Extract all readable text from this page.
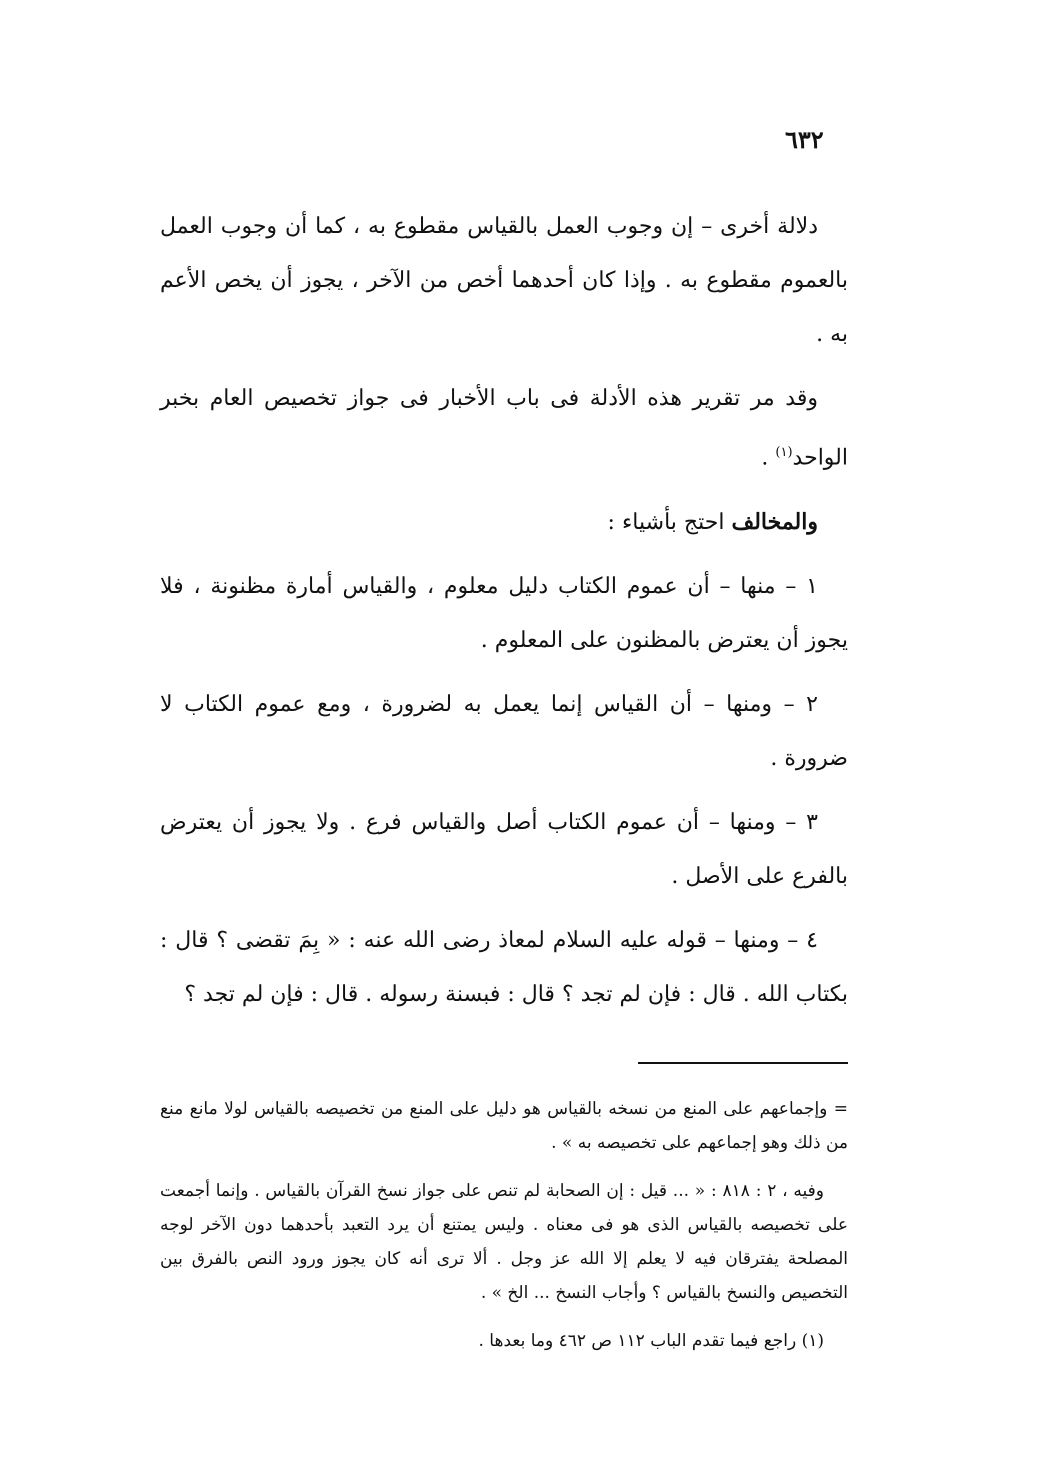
٦٣٢

دلالة أخرى – إن وجوب العمل بالقياس مقطوع به ، كما أن وجوب العمل بالعموم مقطوع به . وإذا كان أحدهما أخص من الآخر ، يجوز أن يخص الأعم به .

وقد مر تقرير هذه الأدلة فى باب الأخبار فى جواز تخصيص العام بخبر الواحد$^{(١)}$ .

والمخالف احتج بأشياء :

١ – منها – أن عموم الكتاب دليل معلوم ، والقياس أمارة مظنونة ، فلا يجوز أن يعترض بالمظنون على المعلوم .

٢ – ومنها – أن القياس إنما يعمل به لضرورة ، ومع عموم الكتاب لا ضرورة .

٣ – ومنها – أن عموم الكتاب أصل والقياس فرع . ولا يجوز أن يعترض بالفرع على الأصل .

٤ – ومنها – قوله عليه السلام لمعاذ رضى الله عنه : « بِمَ تقضى ؟ قال : بكتاب الله . قال : فإن لم تجد ؟ قال : فبسنة رسوله . قال : فإن لم تجد ؟

= وإجماعهم على المنع من نسخه بالقياس هو دليل على المنع من تخصيصه بالقياس لولا مانع منع من ذلك وهو إجماعهم على تخصيصه به » .

وفيه ، ٢ : ٨١٨ : « ... قيل : إن الصحابة لم تنص على جواز نسخ القرآن بالقياس . وإنما أجمعت على تخصيصه بالقياس الذى هو فى معناه . وليس يمتنع أن يرد التعبد بأحدهما دون الآخر لوجه المصلحة يفترقان فيه لا يعلم إلا الله عز وجل . ألا ترى أنه كان يجوز ورود النص بالفرق بين التخصيص والنسخ بالقياس ؟ وأجاب النسخ ... الخ » .

(١) راجع فيما تقدم الباب ١١٢ ص ٤٦٢ وما بعدها .
